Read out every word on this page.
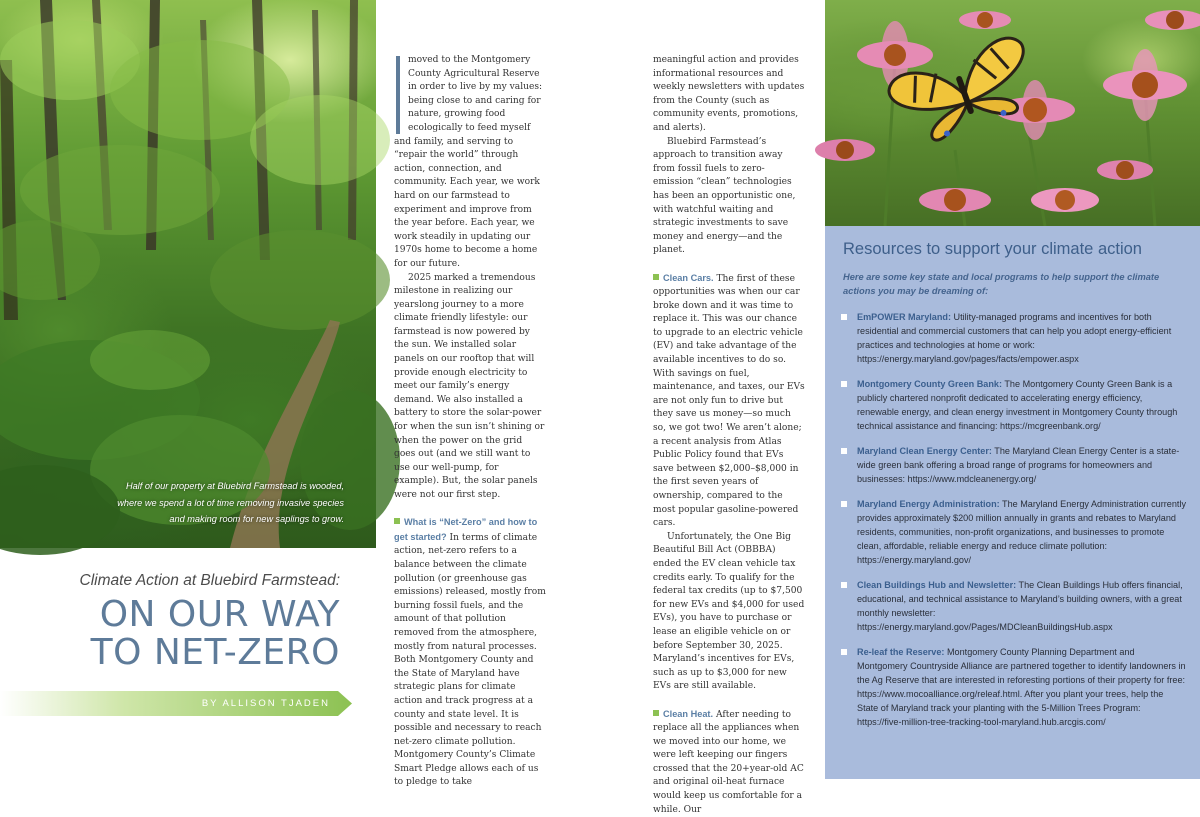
Half of our property at Bluebird Farmstead is wooded, where we spend a lot of time removing invasive species and making room for new saplings to grow.
Climate Action at Bluebird Farmstead:
ON OUR WAY
TO NET-ZERO
BY ALLISON TJADEN

moved to the Montgomery County Agricultural Reserve in order to live by my values: being close to and caring for nature, growing food ecologically to feed myself and family, and serving to “repair the world” through action, connection, and community. Each year, we work hard on our farmstead to experiment and improve from the year before. Each year, we work steadily in updating our 1970s home to become a home for our future.

2025 marked a tremendous milestone in realizing our yearslong journey to a more climate friendly lifestyle: our farmstead is now powered by the sun. We installed solar panels on our rooftop that will provide enough electricity to meet our family’s energy demand. We also installed a battery to store the solar-power for when the sun isn’t shining or when the power on the grid goes out (and we still want to use our well-pump, for example). But, the solar panels were not our first step.

What is “Net-Zero” and how to get started? In terms of climate action, net-zero refers to a balance between the climate pollution (or greenhouse gas emissions) released, mostly from burning fossil fuels, and the amount of that pollution removed from the atmosphere, mostly from natural processes. Both Montgomery County and the State of Maryland have strategic plans for climate action and track progress at a county and state level. It is possible and necessary to reach net-zero climate pollution. Montgomery County’s Climate Smart Pledge allows each of us to pledge to take

meaningful action and provides informational resources and weekly newsletters with updates from the County (such as community events, promotions, and alerts).

Bluebird Farmstead’s approach to transition away from fossil fuels to zero-emission “clean” technologies has been an opportunistic one, with watchful waiting and strategic investments to save money and energy—and the planet.

Clean Cars. The first of these opportunities was when our car broke down and it was time to replace it. This was our chance to upgrade to an electric vehicle (EV) and take advantage of the available incentives to do so. With savings on fuel, maintenance, and taxes, our EVs are not only fun to drive but they save us money—so much so, we got two! We aren’t alone; a recent analysis from Atlas Public Policy found that EVs save between $2,000–$8,000 in the first seven years of ownership, compared to the most popular gasoline-powered cars.

Unfortunately, the One Big Beautiful Bill Act (OBBBA) ended the EV clean vehicle tax credits early. To qualify for the federal tax credits (up to $7,500 for new EVs and $4,000 for used EVs), you have to purchase or lease an eligible vehicle on or before September 30, 2025. Maryland’s incentives for EVs, such as up to $3,000 for new EVs are still available.

Clean Heat. After needing to replace all the appliances when we moved into our home, we were left keeping our fingers crossed that the 20+year-old AC and original oil-heat furnace would keep us comfortable for a while. Our

Resources to support your climate action
Here are some key state and local programs to help support the climate actions you may be dreaming of:
EmPOWER Maryland: Utility-managed programs and incentives for both residential and commercial customers that can help you adopt energy-efficient practices and technologies at home or work: https://energy.maryland.gov/pages/facts/empower.aspx
Montgomery County Green Bank: The Montgomery County Green Bank is a publicly chartered nonprofit dedicated to accelerating energy efficiency, renewable energy, and clean energy investment in Montgomery County through technical assistance and financing: https://mcgreenbank.org/
Maryland Clean Energy Center: The Maryland Clean Energy Center is a state-wide green bank offering a broad range of programs for homeowners and businesses: https://www.mdcleanenergy.org/
Maryland Energy Administration: The Maryland Energy Administration currently provides approximately $200 million annually in grants and rebates to Maryland residents, communities, non-profit organizations, and businesses to promote clean, affordable, reliable energy and reduce climate pollution: https://energy.maryland.gov/
Clean Buildings Hub and Newsletter: The Clean Buildings Hub offers financial, educational, and technical assistance to Maryland’s building owners, with a great monthly newsletter: https://energy.maryland.gov/Pages/MDCleanBuildingsHub.aspx
Re-leaf the Reserve: Montgomery County Planning Department and Montgomery Countryside Alliance are partnered together to identify landowners in the Ag Reserve that are interested in reforesting portions of their property for free: https://www.mocoalliance.org/releaf.html. After you plant your trees, help the State of Maryland track your planting with the 5-Million Trees Program: https://five-million-tree-tracking-tool-maryland.hub.arcgis.com/
